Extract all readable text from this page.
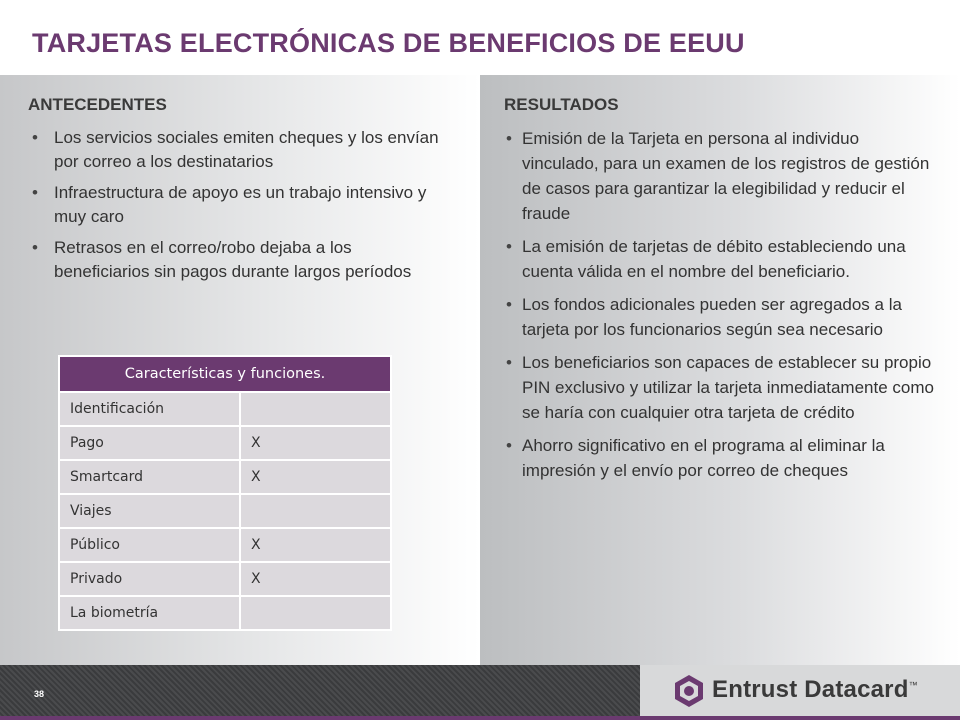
TARJETAS ELECTRÓNICAS DE BENEFICIOS DE EEUU
ANTECEDENTES
• Los servicios sociales emiten cheques y los envían por correo a los destinatarios
• Infraestructura de apoyo es un trabajo intensivo y muy caro
• Retrasos en el correo/robo dejaba a los beneficiarios sin pagos durante largos períodos
RESULTADOS
• Emisión de la Tarjeta en persona al individuo vinculado, para un examen de los registros de gestión de casos para garantizar la elegibilidad y reducir el fraude
• La emisión de tarjetas de débito estableciendo una cuenta válida en el nombre del beneficiario.
• Los fondos adicionales pueden ser agregados a la tarjeta por los funcionarios según sea necesario
• Los beneficiarios son capaces de establecer su propio PIN exclusivo y utilizar la tarjeta inmediatamente como se haría con cualquier otra tarjeta de crédito
• Ahorro significativo en el programa al eliminar la impresión y el envío por correo de cheques
Características y funciones.	
Identificación	
Pago	X
Smartcard	X
Viajes	
Público	X
Privado	X
La biometría	
38	Entrust Datacard™
